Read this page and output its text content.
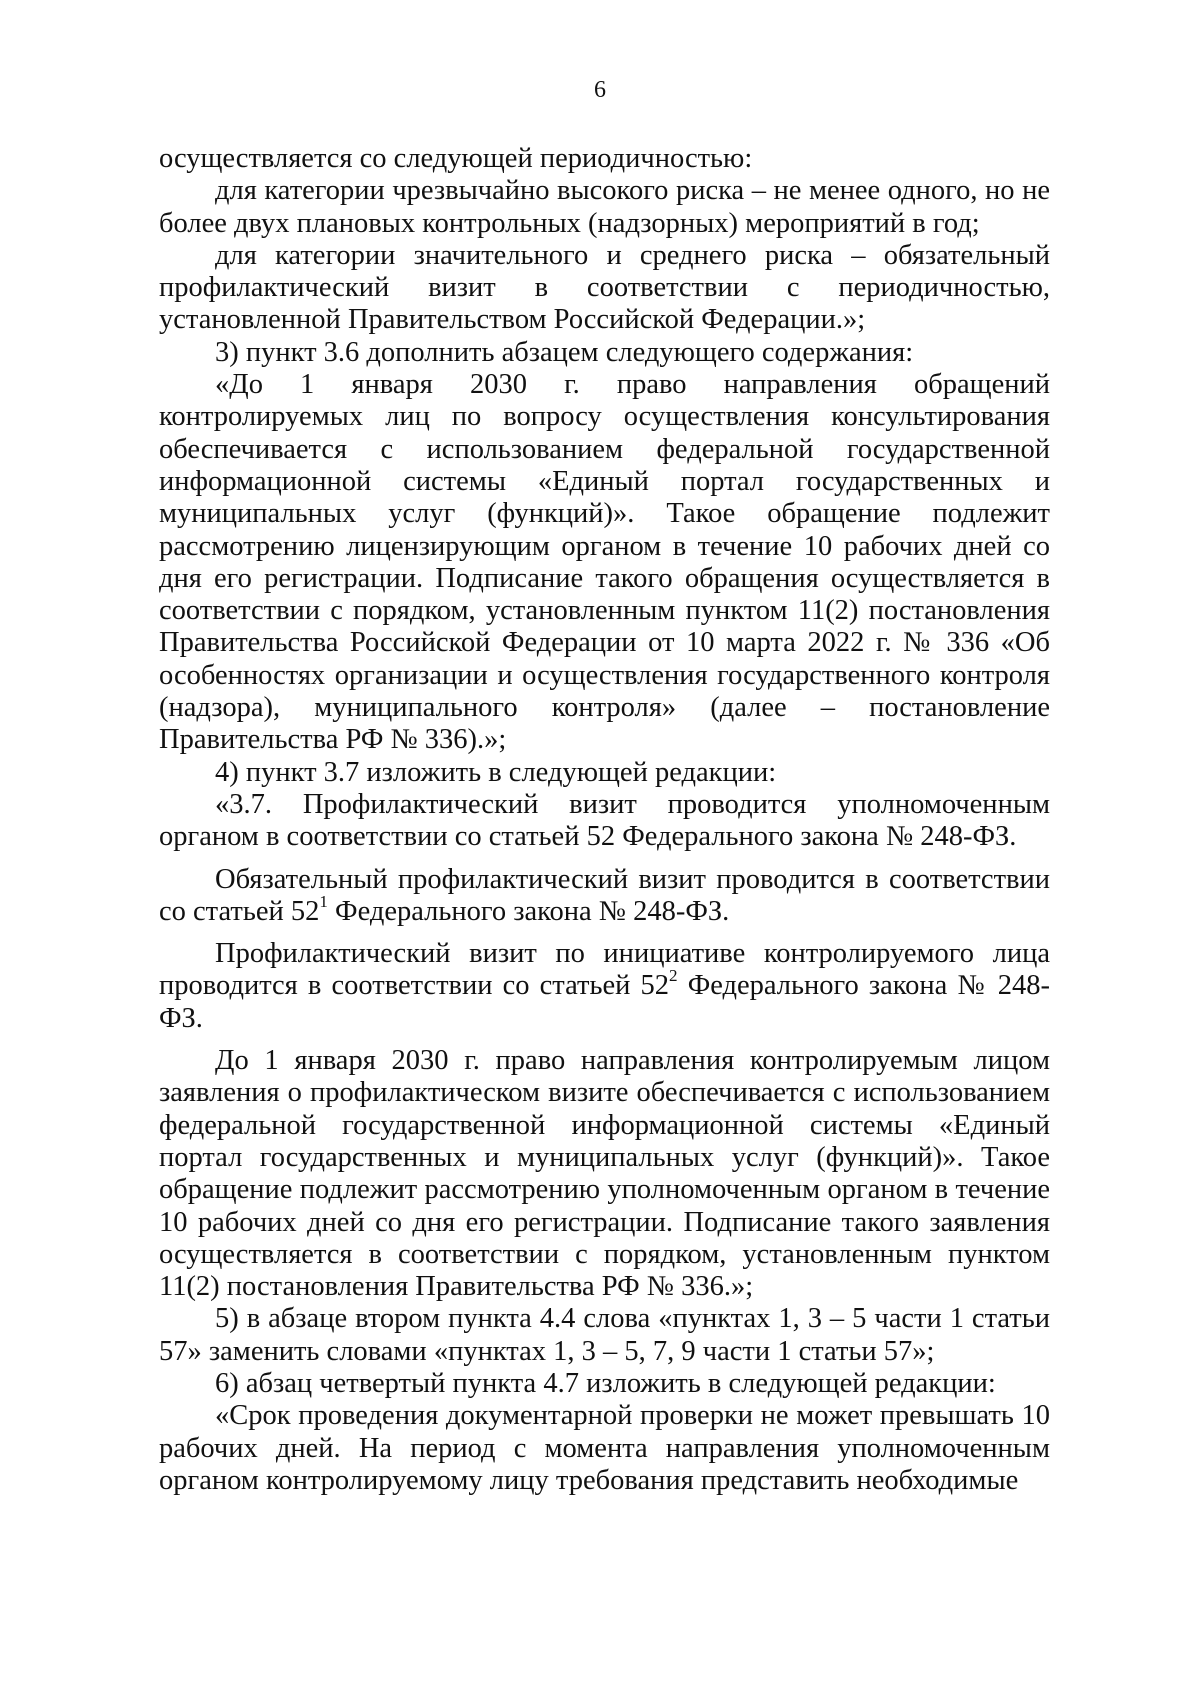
6

осуществляется со следующей периодичностью:

для категории чрезвычайно высокого риска – не менее одного, но не более двух плановых контрольных (надзорных) мероприятий в год;

для категории значительного и среднего риска – обязательный профилактический визит в соответствии с периодичностью, установленной Правительством Российской Федерации.»;

3) пункт 3.6 дополнить абзацем следующего содержания:

«До 1 января 2030 г. право направления обращений контролируемых лиц по вопросу осуществления консультирования обеспечивается с использованием федеральной государственной информационной системы «Единый портал государственных и муниципальных услуг (функций)». Такое обращение подлежит рассмотрению лицензирующим органом в течение 10 рабочих дней со дня его регистрации. Подписание такого обращения осуществляется в соответствии с порядком, установленным пунктом 11(2) постановления Правительства Российской Федерации от 10 марта 2022 г. № 336 «Об особенностях организации и осуществления государственного контроля (надзора), муниципального контроля» (далее – постановление Правительства РФ № 336).»;

4) пункт 3.7 изложить в следующей редакции:

«3.7. Профилактический визит проводится уполномоченным органом в соответствии со статьей 52 Федерального закона № 248-ФЗ.

Обязательный профилактический визит проводится в соответствии со статьей $52^1$ Федерального закона № 248-ФЗ.

Профилактический визит по инициативе контролируемого лица проводится в соответствии со статьей $52^2$ Федерального закона № 248-ФЗ.

До 1 января 2030 г. право направления контролируемым лицом заявления о профилактическом визите обеспечивается с использованием федеральной государственной информационной системы «Единый портал государственных и муниципальных услуг (функций)». Такое обращение подлежит рассмотрению уполномоченным органом в течение 10 рабочих дней со дня его регистрации. Подписание такого заявления осуществляется в соответствии с порядком, установленным пунктом 11(2) постановления Правительства РФ № 336.»;

5) в абзаце втором пункта 4.4 слова «пунктах 1, 3 – 5 части 1 статьи 57» заменить словами «пунктах 1, 3 – 5, 7, 9 части 1 статьи 57»;

6) абзац четвертый пункта 4.7 изложить в следующей редакции:

«Срок проведения документарной проверки не может превышать 10 рабочих дней. На период с момента направления уполномоченным органом контролируемому лицу требования представить необходимые
